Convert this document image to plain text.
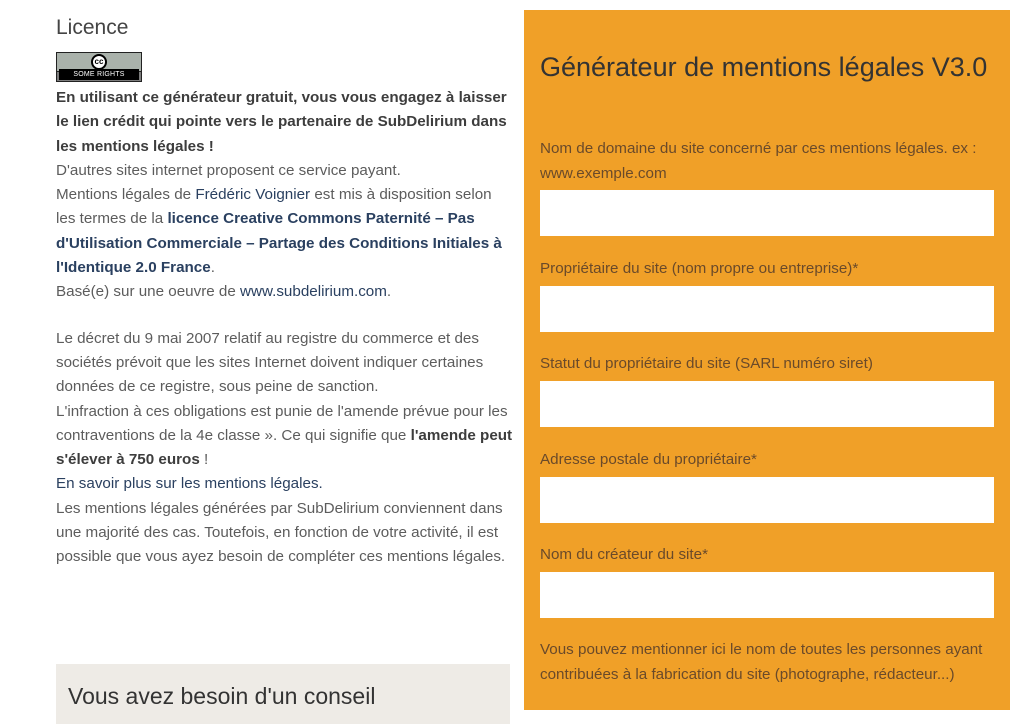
Licence
cc
SOME RIGHTS RESERVED

En utilisant ce générateur gratuit, vous vous engagez à laisser le lien crédit qui pointe vers le partenaire de SubDelirium dans les mentions légales !

D'autres sites internet proposent ce service payant.

Mentions légales de Frédéric Voignier est mis à disposition selon les termes de la licence Creative Commons Paternité – Pas d'Utilisation Commerciale – Partage des Conditions Initiales à l'Identique 2.0 France.

Basé(e) sur une oeuvre de www.subdelirium.com.

Le décret du 9 mai 2007 relatif au registre du commerce et des sociétés prévoit que les sites Internet doivent indiquer certaines données de ce registre, sous peine de sanction.

L'infraction à ces obligations est punie de l'amende prévue pour les contraventions de la 4e classe ». Ce qui signifie que l'amende peut s'élever à 750 euros !

En savoir plus sur les mentions légales.

Les mentions légales générées par SubDelirium conviennent dans une majorité des cas. Toutefois, en fonction de votre activité, il est possible que vous ayez besoin de compléter ces mentions légales.

Vous avez besoin d'un conseil
Générateur de mentions légales V3.0
Nom de domaine du site concerné par ces mentions légales. ex : www.exemple.com
Propriétaire du site (nom propre ou entreprise)*
Statut du propriétaire du site (SARL numéro siret)
Adresse postale du propriétaire*
Nom du créateur du site*
Vous pouvez mentionner ici le nom de toutes les personnes ayant contribuées à la fabrication du site (photographe, rédacteur...)
